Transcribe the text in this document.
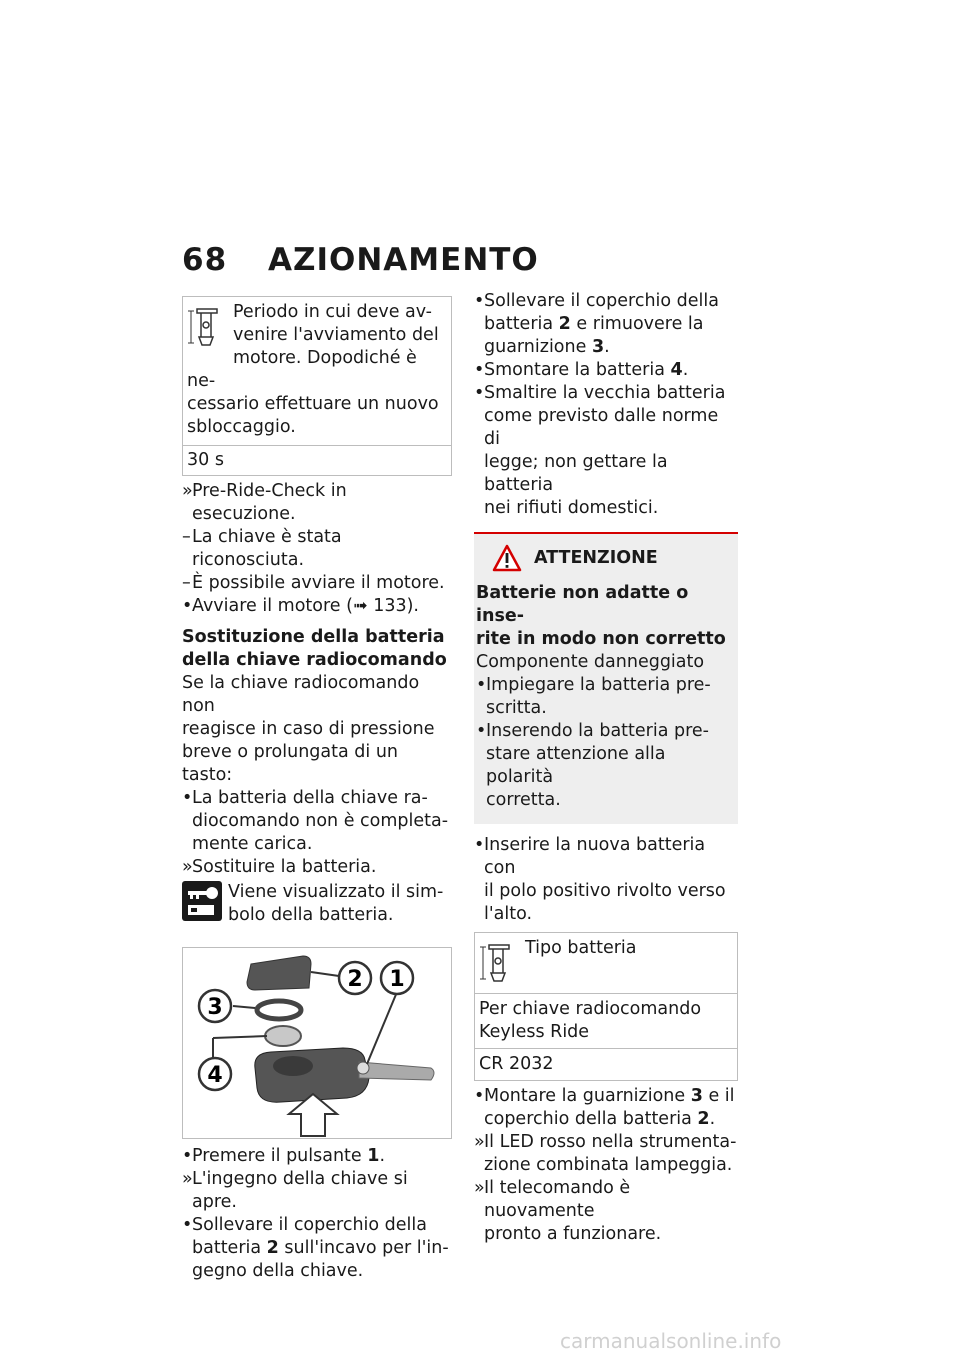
68 AZIONAMENTO
Periodo in cui deve av-
venire l'avviamento del
motore. Dopodiché è ne-
cessario effettuare un nuovo
sbloccaggio.
30 s
» Pre-Ride-Check in esecuzione.
– La chiave è stata riconosciuta.
– È possibile avviare il motore.
• Avviare il motore (➟ 133).
Sostituzione della batteria
della chiave radiocomando
Se la chiave radiocomando non
reagisce in caso di pressione
breve o prolungata di un tasto:
• La batteria della chiave ra-
diocomando non è completa-
mente carica.
» Sostituire la batteria.
Viene visualizzato il sim-
bolo della batteria.
2 1
3
4
• Premere il pulsante 1.
» L'ingegno della chiave si apre.
• Sollevare il coperchio della
batteria 2 sull'incavo per l'in-
gegno della chiave.
• Sollevare il coperchio della
batteria 2 e rimuovere la
guarnizione 3.
• Smontare la batteria 4.
• Smaltire la vecchia batteria
come previsto dalle norme di
legge; non gettare la batteria
nei rifiuti domestici.
ATTENZIONE
Batterie non adatte o inse-
rite in modo non corretto
Componente danneggiato
• Impiegare la batteria pre-
scritta.
• Inserendo la batteria pre-
stare attenzione alla polarità
corretta.
• Inserire la nuova batteria con
il polo positivo rivolto verso
l'alto.
Tipo batteria
Per chiave radiocomando
Keyless Ride
CR 2032
• Montare la guarnizione 3 e il
coperchio della batteria 2.
» Il LED rosso nella strumenta-
zione combinata lampeggia.
» Il telecomando è nuovamente
pronto a funzionare.
carmanualsonline.info
